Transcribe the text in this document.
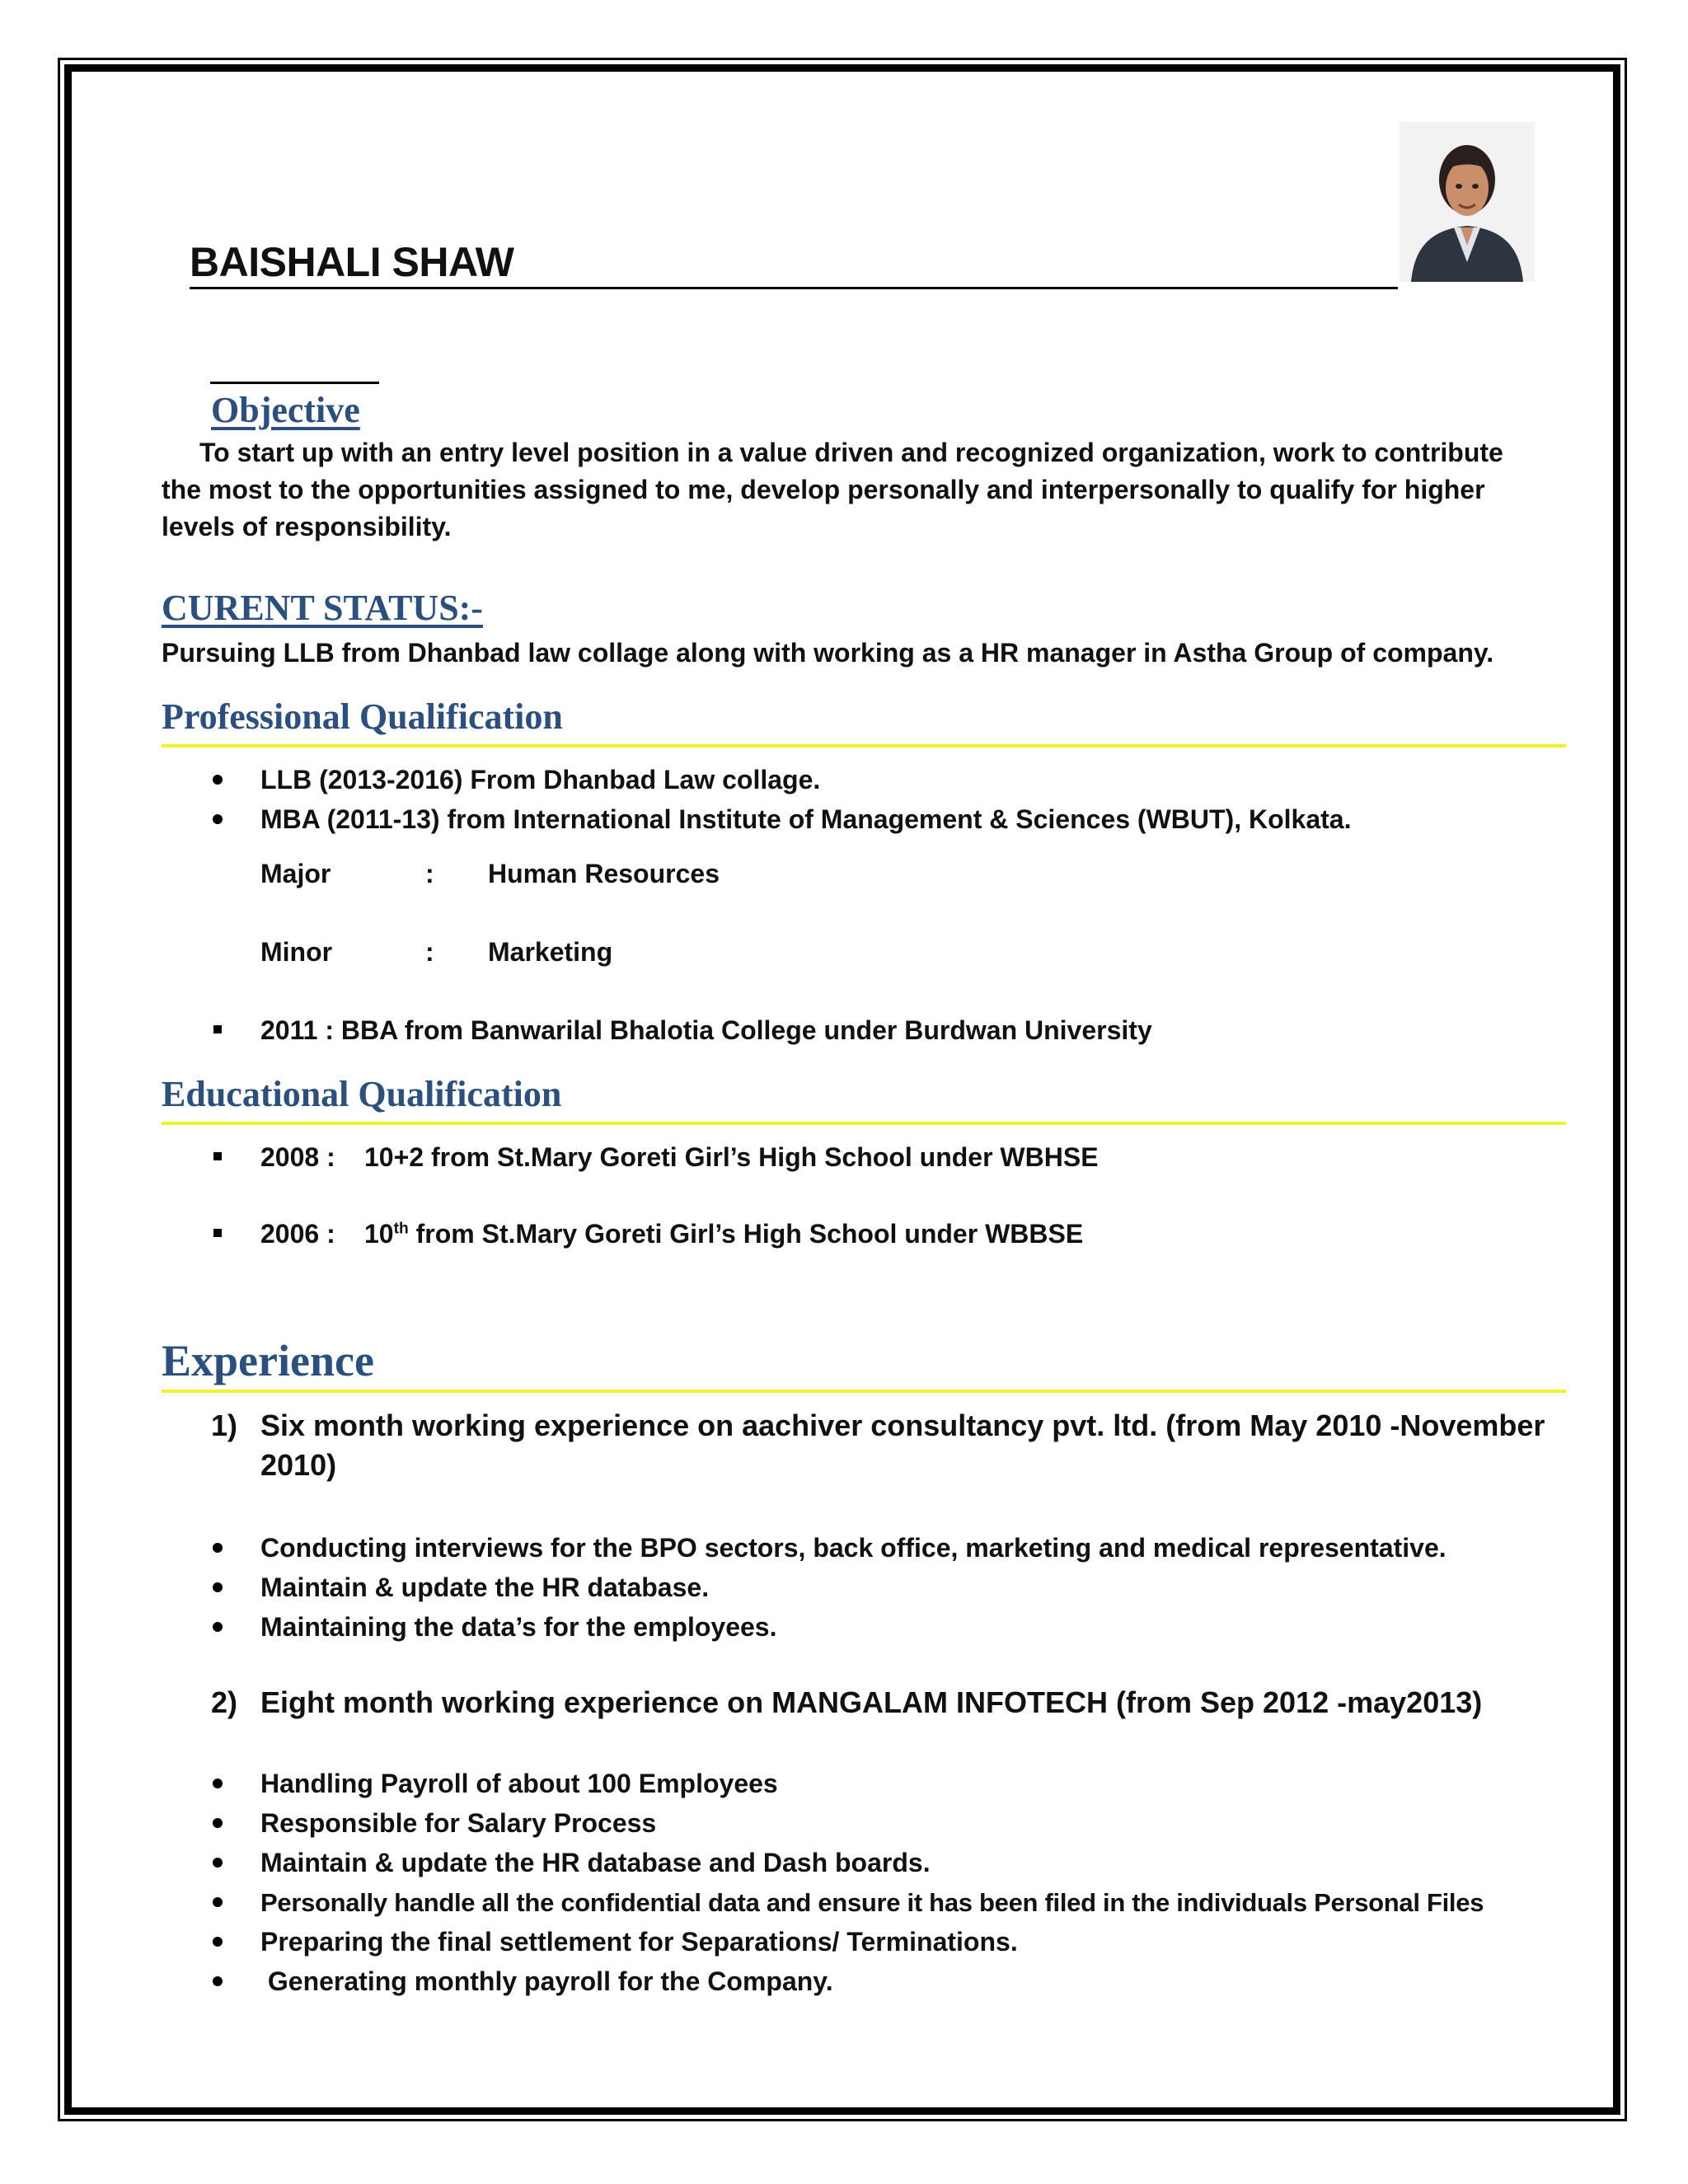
BAISHALI SHAW
Objective
To start up with an entry level position in a value driven and recognized organization, work to contribute the most to the opportunities assigned to me, develop personally and interpersonally to qualify for higher levels of responsibility.
CURENT STATUS:-
Pursuing LLB from Dhanbad law collage along with working as a HR manager in Astha Group of company.
Professional Qualification
LLB (2013-2016) From Dhanbad Law collage.
MBA (2011-13) from International Institute of Management & Sciences (WBUT), Kolkata.
Major	: Human Resources
Minor	: Marketing
2011 : BBA from Banwarilal Bhalotia College under Burdwan University
Educational Qualification
2008 : 10+2 from St.Mary Goreti Girl’s High School under WBHSE
2006 : 10th from St.Mary Goreti Girl’s High School under WBBSE
Experience
1) Six month working experience on aachiver consultancy pvt. ltd. (from May 2010 -November 2010)
Conducting interviews for the BPO sectors, back office, marketing and medical representative.
Maintain & update the HR database.
Maintaining the data’s for the employees.
2) Eight month working experience on MANGALAM INFOTECH (from Sep 2012 -may2013)
Handling Payroll of about 100 Employees
Responsible for Salary Process
Maintain & update the HR database and Dash boards.
Personally handle all the confidential data and ensure it has been filed in the individuals Personal Files
Preparing the final settlement for Separations/ Terminations.
Generating monthly payroll for the Company.
